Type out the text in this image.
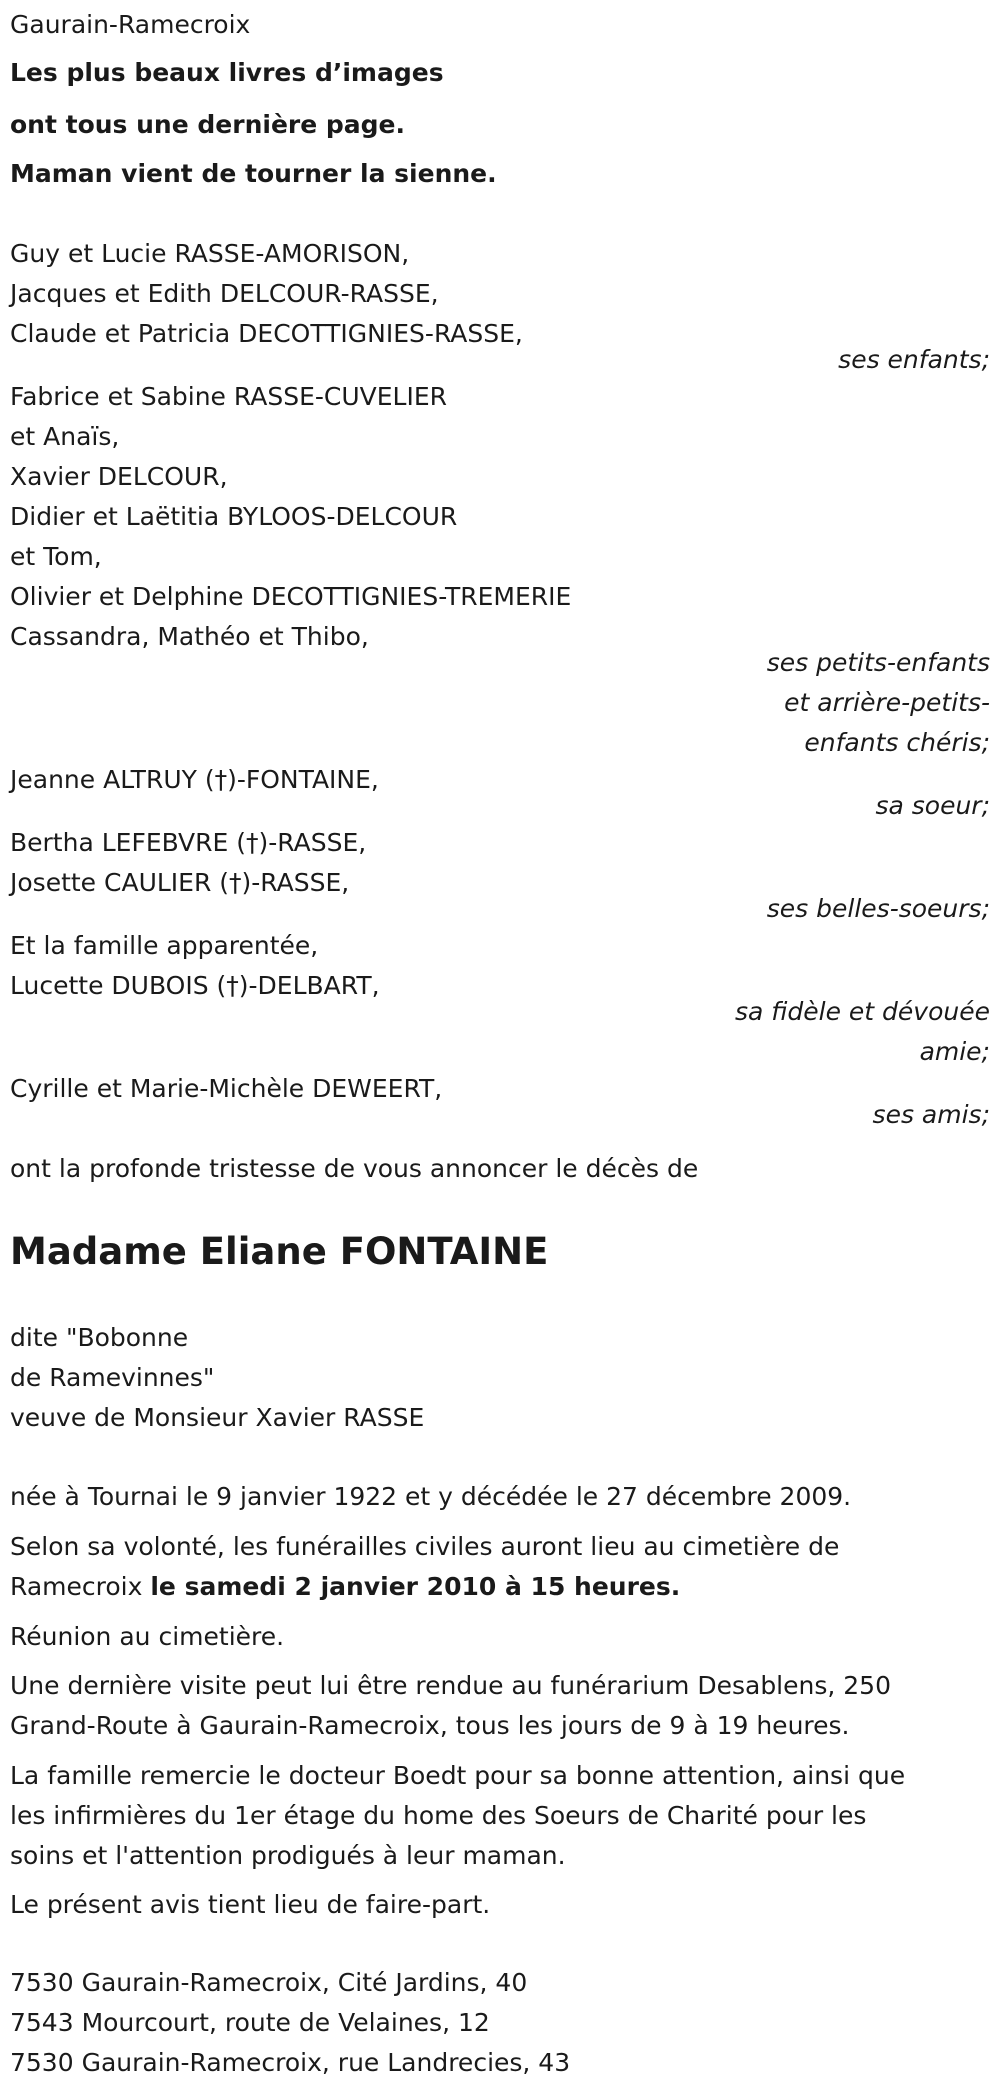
Gaurain-Ramecroix
Les plus beaux livres d’images
ont tous une dernière page.
Maman vient de tourner la sienne.
Guy et Lucie RASSE-AMORISON,
Jacques et Edith DELCOUR-RASSE,
Claude et Patricia DECOTTIGNIES-RASSE,
ses enfants;
Fabrice et Sabine RASSE-CUVELIER
et Anaïs,
Xavier DELCOUR,
Didier et Laëtitia BYLOOS-DELCOUR
et Tom,
Olivier et Delphine DECOTTIGNIES-TREMERIE
Cassandra, Mathéo et Thibo,
ses petits-enfants
et arrière-petits-
enfants chéris;
Jeanne ALTRUY (†)-FONTAINE,
sa soeur;
Bertha LEFEBVRE (†)-RASSE,
Josette CAULIER (†)-RASSE,
ses belles-soeurs;
Et la famille apparentée,
Lucette DUBOIS (†)-DELBART,
sa fidèle et dévouée
amie;
Cyrille et Marie-Michèle DEWEERT,
ses amis;
ont la profonde tristesse de vous annoncer le décès de
Madame Eliane FONTAINE
dite "Bobonne
de Ramevinnes"
veuve de Monsieur Xavier RASSE
née à Tournai le 9 janvier 1922 et y décédée le 27 décembre 2009.
Selon sa volonté, les funérailles civiles auront lieu au cimetière de
Ramecroix le samedi 2 janvier 2010 à 15 heures.
Réunion au cimetière.
Une dernière visite peut lui être rendue au funérarium Desablens, 250
Grand-Route à Gaurain-Ramecroix, tous les jours de 9 à 19 heures.
La famille remercie le docteur Boedt pour sa bonne attention, ainsi que
les infirmières du 1er étage du home des Soeurs de Charité pour les
soins et l'attention prodigués à leur maman.
Le présent avis tient lieu de faire-part.
7530 Gaurain-Ramecroix, Cité Jardins, 40
7543 Mourcourt, route de Velaines, 12
7530 Gaurain-Ramecroix, rue Landrecies, 43
